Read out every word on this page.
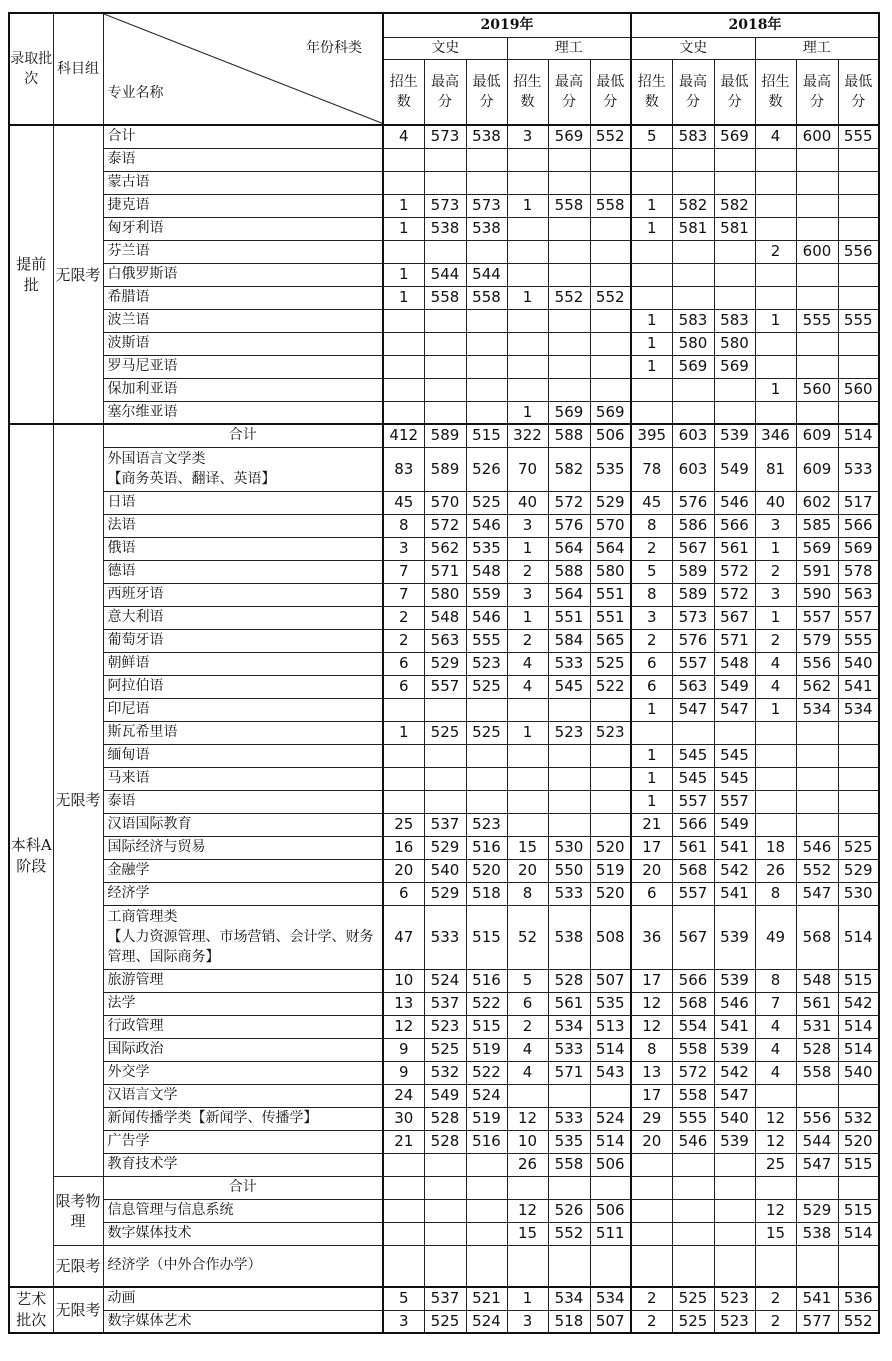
录取批次	科目组	年份科类
专业名称	2019年						2018年					
			文史			理工			文史			理工		
			招生数	最高分	最低分	招生数	最高分	最低分	招生数	最高分	最低分	招生数	最高分	最低分
提前批	无限考	合计	4	573	538	3	569	552	5	583	569	4	600	555
		泰语												
		蒙古语												
		捷克语	1	573	573	1	558	558	1	582	582			
		匈牙利语	1	538	538				1	581	581			
		芬兰语										2	600	556
		白俄罗斯语	1	544	544									
		希腊语	1	558	558	1	552	552						
		波兰语							1	583	583	1	555	555
		波斯语							1	580	580			
		罗马尼亚语							1	569	569			
		保加利亚语										1	560	560
		塞尔维亚语				1	569	569						
本科A阶段	无限考	合计	412	589	515	322	588	506	395	603	539	346	609	514
		外国语言文学类
【商务英语、翻译、英语】	83	589	526	70	582	535	78	603	549	81	609	533
		日语	45	570	525	40	572	529	45	576	546	40	602	517
		法语	8	572	546	3	576	570	8	586	566	3	585	566
		俄语	3	562	535	1	564	564	2	567	561	1	569	569
		德语	7	571	548	2	588	580	5	589	572	2	591	578
		西班牙语	7	580	559	3	564	551	8	589	572	3	590	563
		意大利语	2	548	546	1	551	551	3	573	567	1	557	557
		葡萄牙语	2	563	555	2	584	565	2	576	571	2	579	555
		朝鲜语	6	529	523	4	533	525	6	557	548	4	556	540
		阿拉伯语	6	557	525	4	545	522	6	563	549	4	562	541
		印尼语							1	547	547	1	534	534
		斯瓦希里语	1	525	525	1	523	523						
		缅甸语							1	545	545			
		马来语							1	545	545			
		泰语							1	557	557			
		汉语国际教育	25	537	523				21	566	549			
		国际经济与贸易	16	529	516	15	530	520	17	561	541	18	546	525
		金融学	20	540	520	20	550	519	20	568	542	26	552	529
		经济学	6	529	518	8	533	520	6	557	541	8	547	530
		工商管理类
【人力资源管理、市场营销、会计学、财务管理、国际商务】	47	533	515	52	538	508	36	567	539	49	568	514
		旅游管理	10	524	516	5	528	507	17	566	539	8	548	515
		法学	13	537	522	6	561	535	12	568	546	7	561	542
		行政管理	12	523	515	2	534	513	12	554	541	4	531	514
		国际政治	9	525	519	4	533	514	8	558	539	4	528	514
		外交学	9	532	522	4	571	543	13	572	542	4	558	540
		汉语言文学	24	549	524				17	558	547			
		新闻传播学类【新闻学、传播学】	30	528	519	12	533	524	29	555	540	12	556	532
		广告学	21	528	516	10	535	514	20	546	539	12	544	520
		教育技术学				26	558	506				25	547	515
	限考物理	合计												
		信息管理与信息系统				12	526	506				12	529	515
		数字媒体技术				15	552	511				15	538	514
	无限考	经济学（中外合作办学）												
艺术批次	无限考	动画	5	537	521	1	534	534	2	525	523	2	541	536
		数字媒体艺术	3	525	524	3	518	507	2	525	523	2	577	552
